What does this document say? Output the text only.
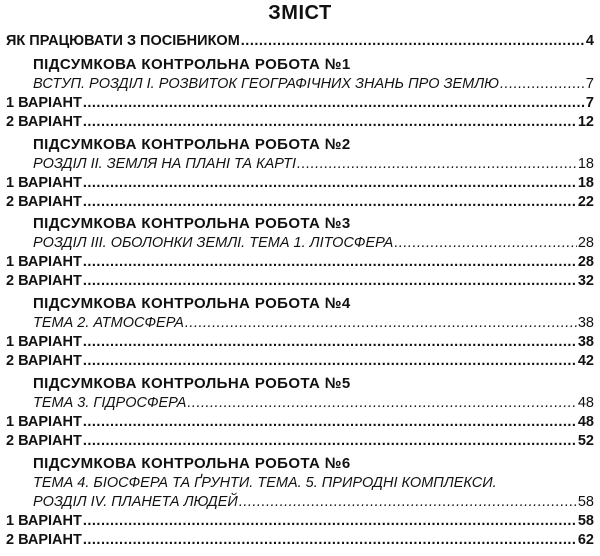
ЗМІСТ
ЯК ПРАЦЮВАТИ З ПОСІБНИКОМ .....	4
ПІДСУМКОВА КОНТРОЛЬНА РОБОТА №1
ВСТУП. РОЗДІЛ І. РОЗВИТОК ГЕОГРАФІЧНИХ ЗНАНЬ ПРО ЗЕМЛЮ .....	7
1 ВАРІАНТ .....	7
2 ВАРІАНТ .....	12
ПІДСУМКОВА КОНТРОЛЬНА РОБОТА №2
РОЗДІЛ ІІ. ЗЕМЛЯ НА ПЛАНІ ТА КАРТІ .....	18
1 ВАРІАНТ .....	18
2 ВАРІАНТ .....	22
ПІДСУМКОВА КОНТРОЛЬНА РОБОТА №3
РОЗДІЛ ІІІ. ОБОЛОНКИ ЗЕМЛІ. ТЕМА 1. ЛІТОСФЕРА .....	28
1 ВАРІАНТ .....	28
2 ВАРІАНТ .....	32
ПІДСУМКОВА КОНТРОЛЬНА РОБОТА №4
ТЕМА 2. АТМОСФЕРА .....	38
1 ВАРІАНТ .....	38
2 ВАРІАНТ .....	42
ПІДСУМКОВА КОНТРОЛЬНА РОБОТА №5
ТЕМА 3. ГІДРОСФЕРА .....	48
1 ВАРІАНТ .....	48
2 ВАРІАНТ .....	52
ПІДСУМКОВА КОНТРОЛЬНА РОБОТА №6
ТЕМА 4. БІОСФЕРА ТА ҐРУНТИ. ТЕМА. 5. ПРИРОДНІ КОМПЛЕКСИ.
РОЗДІЛ IV. ПЛАНЕТА ЛЮДЕЙ .....	58
1 ВАРІАНТ .....	58
2 ВАРІАНТ .....	62
